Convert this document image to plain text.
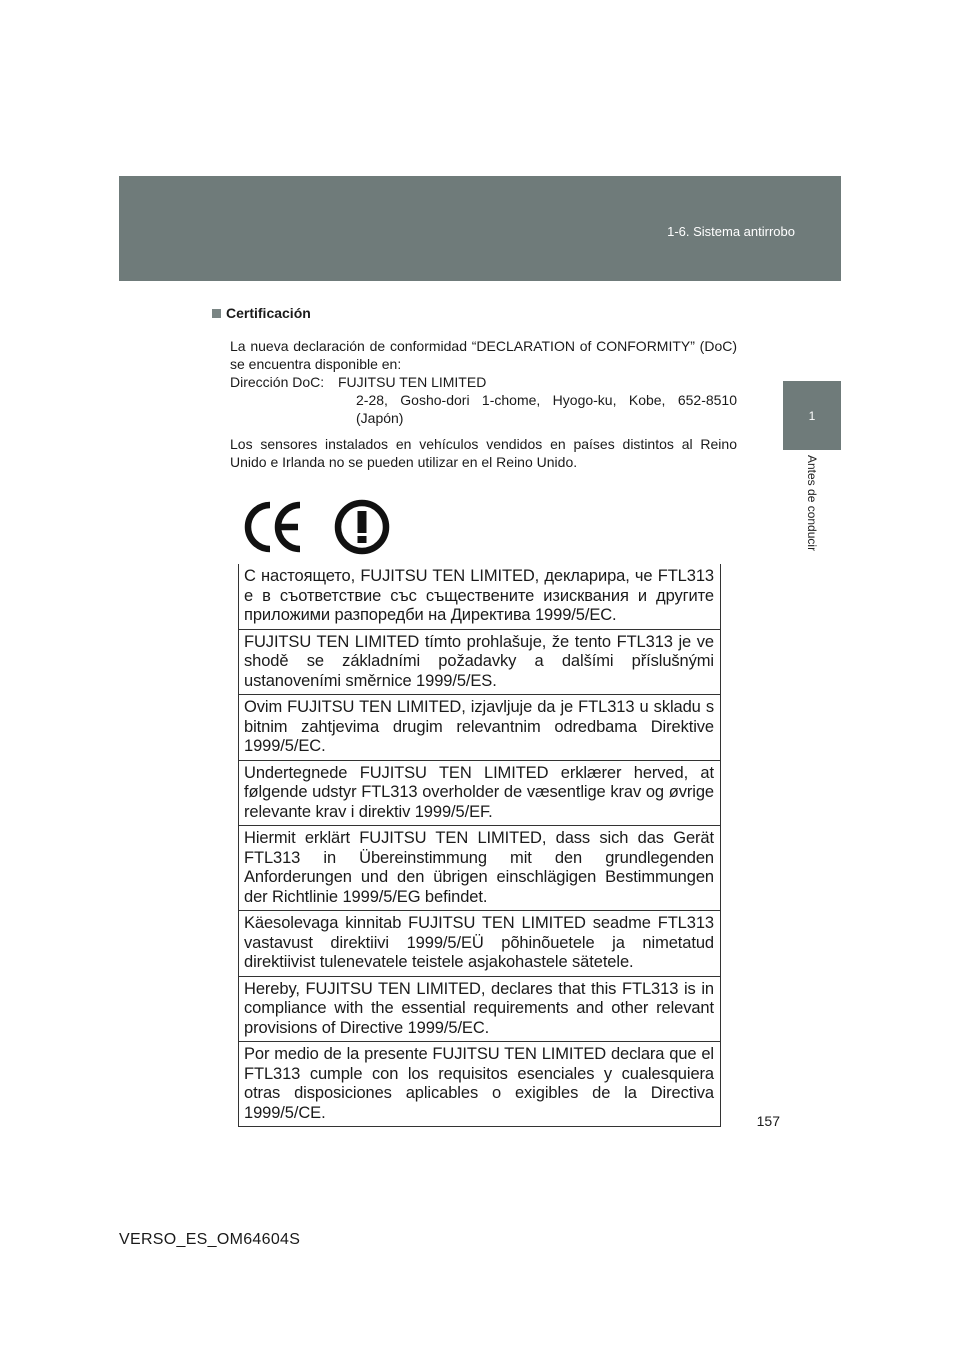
1-6. Sistema antirrobo
1
Antes de conducir
Certificación

La nueva declaración de conformidad “DECLARATION of CONFORMITY” (DoC) se encuentra disponible en:

Dirección DoC: FUJITSU TEN LIMITED
2-28, Gosho-dori 1-chome, Hyogo-ku, Kobe, 652-8510 (Japón)

Los sensores instalados en vehículos vendidos en países distintos al Reino Unido e Irlanda no se pueden utilizar en el Reino Unido.

С настоящето, FUJITSU TEN LIMITED, декларира, че FTL313 е в съответствие със съществените изисквания и другите приложими разпоредби на Директива 1999/5/EC.
FUJITSU TEN LIMITED tímto prohlašuje, že tento FTL313 je ve shodě se základními požadavky a dalšími příslušnými ustanoveními směrnice 1999/5/ES.
Ovim FUJITSU TEN LIMITED, izjavljuje da je FTL313 u skladu s bitnim zahtjevima drugim relevantnim odredbama Direktive 1999/5/EC.
Undertegnede FUJITSU TEN LIMITED erklærer herved, at følgende udstyr FTL313 overholder de væsentlige krav og øvrige relevante krav i direktiv 1999/5/EF.
Hiermit erklärt FUJITSU TEN LIMITED, dass sich das Gerät FTL313 in Übereinstimmung mit den grundlegenden Anforderungen und den übrigen einschlägigen Bestimmungen der Richtlinie 1999/5/EG befindet.
Käesolevaga kinnitab FUJITSU TEN LIMITED seadme FTL313 vastavust direktiivi 1999/5/EÜ põhinõuetele ja nimetatud direktiivist tulenevatele teistele asjakohastele sätetele.
Hereby, FUJITSU TEN LIMITED, declares that this FTL313 is in compliance with the essential requirements and other relevant provisions of Directive 1999/5/EC.
Por medio de la presente FUJITSU TEN LIMITED declara que el FTL313 cumple con los requisitos esenciales y cualesquiera otras disposiciones aplicables o exigibles de la Directiva 1999/5/CE.	157
VERSO_ES_OM64604S
